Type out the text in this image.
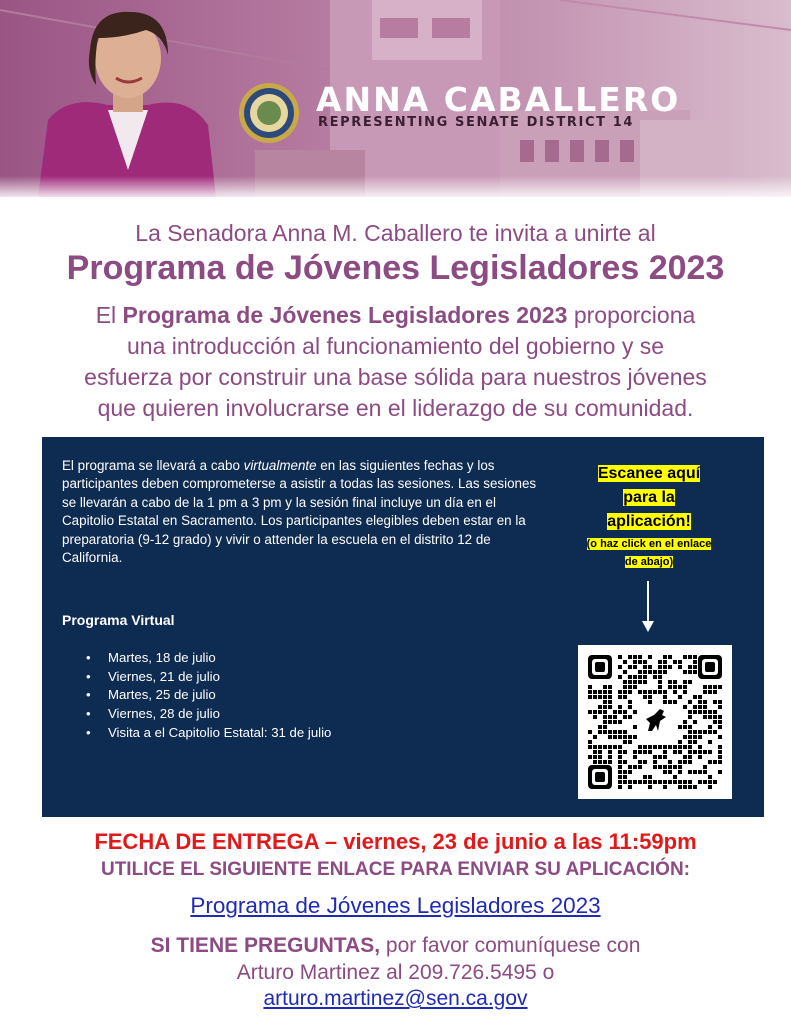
ANNA CABALLERO
REPRESENTING SENATE DISTRICT 14
La Senadora Anna M. Caballero te invita a unirte al
Programa de Jóvenes Legisladores 2023
El Programa de Jóvenes Legisladores 2023 proporciona
una introducción al funcionamiento del gobierno y se
esfuerza por construir una base sólida para nuestros jóvenes
que quieren involucrarse en el liderazgo de su comunidad.
El programa se llevará a cabo virtualmente en las siguientes fechas y los participantes deben comprometerse a asistir a todas las sesiones. Las sesiones se llevarán a cabo de la 1 pm a 3 pm y la sesión final incluye un día en el Capitolio Estatal en Sacramento. Los participantes elegibles deben estar en la preparatoria (9-12 grado) y vivir o attender la escuela en el distrito 12 de California.
Programa Virtual
• Martes, 18 de julio
• Viernes, 21 de julio
• Martes, 25 de julio
• Viernes, 28 de julio
• Visita a el Capitolio Estatal: 31 de julio
Escanee aquí
para la
aplicación!
(o haz click en el enlace
de abajo)
FECHA DE ENTREGA – viernes, 23 de junio a las 11:59pm
UTILICE EL SIGUIENTE ENLACE PARA ENVIAR SU APLICACIÓN:
Programa de Jóvenes Legisladores 2023
SI TIENE PREGUNTAS, por favor comuníquese con
Arturo Martinez al 209.726.5495 o
arturo.martinez@sen.ca.gov
